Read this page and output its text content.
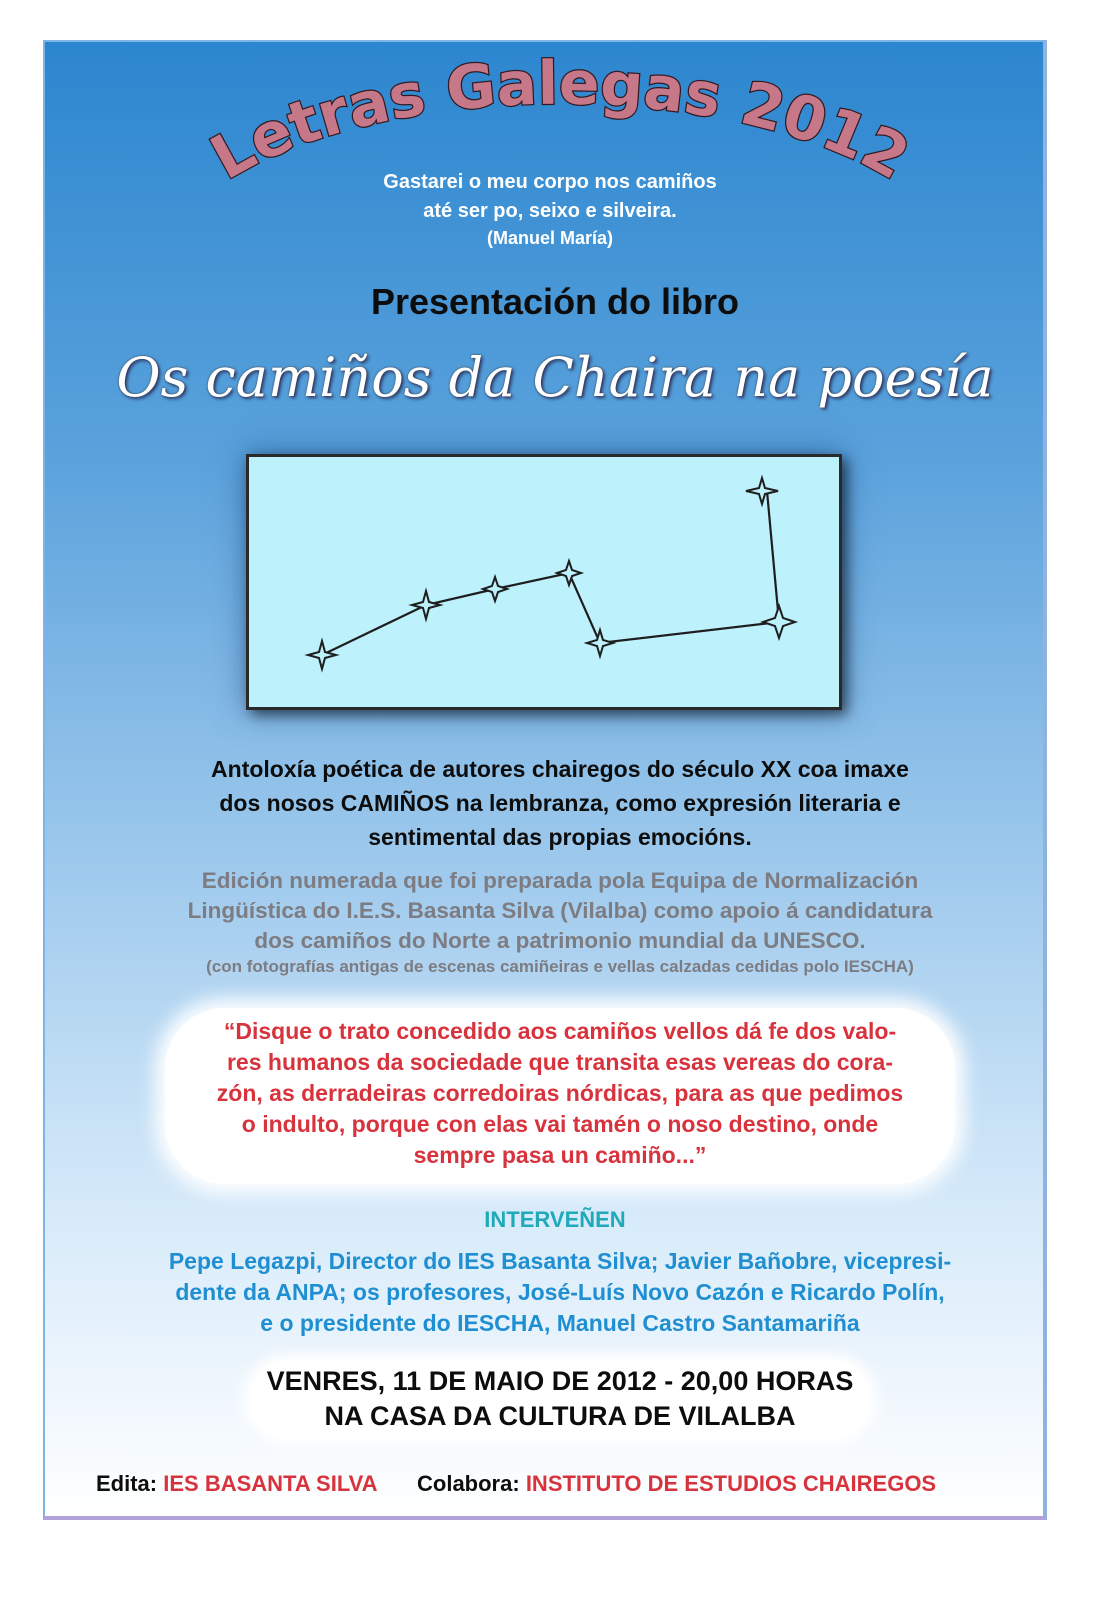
Letras Galegas 2012
Gastarei o meu corpo nos camiños
até ser po, seixo e silveira.
(Manuel María)
Presentación do libro
Os camiños da Chaira na poesía
Antoloxía poética de autores chairegos do século XX coa imaxe
dos nosos CAMIÑOS na lembranza, como expresión literaria e
sentimental das propias emocións.
Edición numerada que foi preparada pola Equipa de Normalización
Lingüística do I.E.S. Basanta Silva (Vilalba) como apoio á candidatura
dos camiños do Norte a patrimonio mundial da UNESCO.
(con fotografías antigas de escenas camiñeiras e vellas calzadas cedidas polo IESCHA)
“Disque o trato concedido aos camiños vellos dá fe dos valo-
res humanos da sociedade que transita esas vereas do cora-
zón, as derradeiras corredoiras nórdicas, para as que pedimos
o indulto, porque con elas vai tamén o noso destino, onde
sempre pasa un camiño...”
INTERVEÑEN
Pepe Legazpi, Director do IES Basanta Silva; Javier Bañobre, vicepresi-
dente da ANPA; os profesores, José-Luís Novo Cazón e Ricardo Polín,
e o presidente do IESCHA, Manuel Castro Santamariña
VENRES, 11 DE MAIO DE 2012 - 20,00 HORAS
NA CASA DA CULTURA DE VILALBA
Edita: IES BASANTA SILVA Colabora: INSTITUTO DE ESTUDIOS CHAIREGOS
